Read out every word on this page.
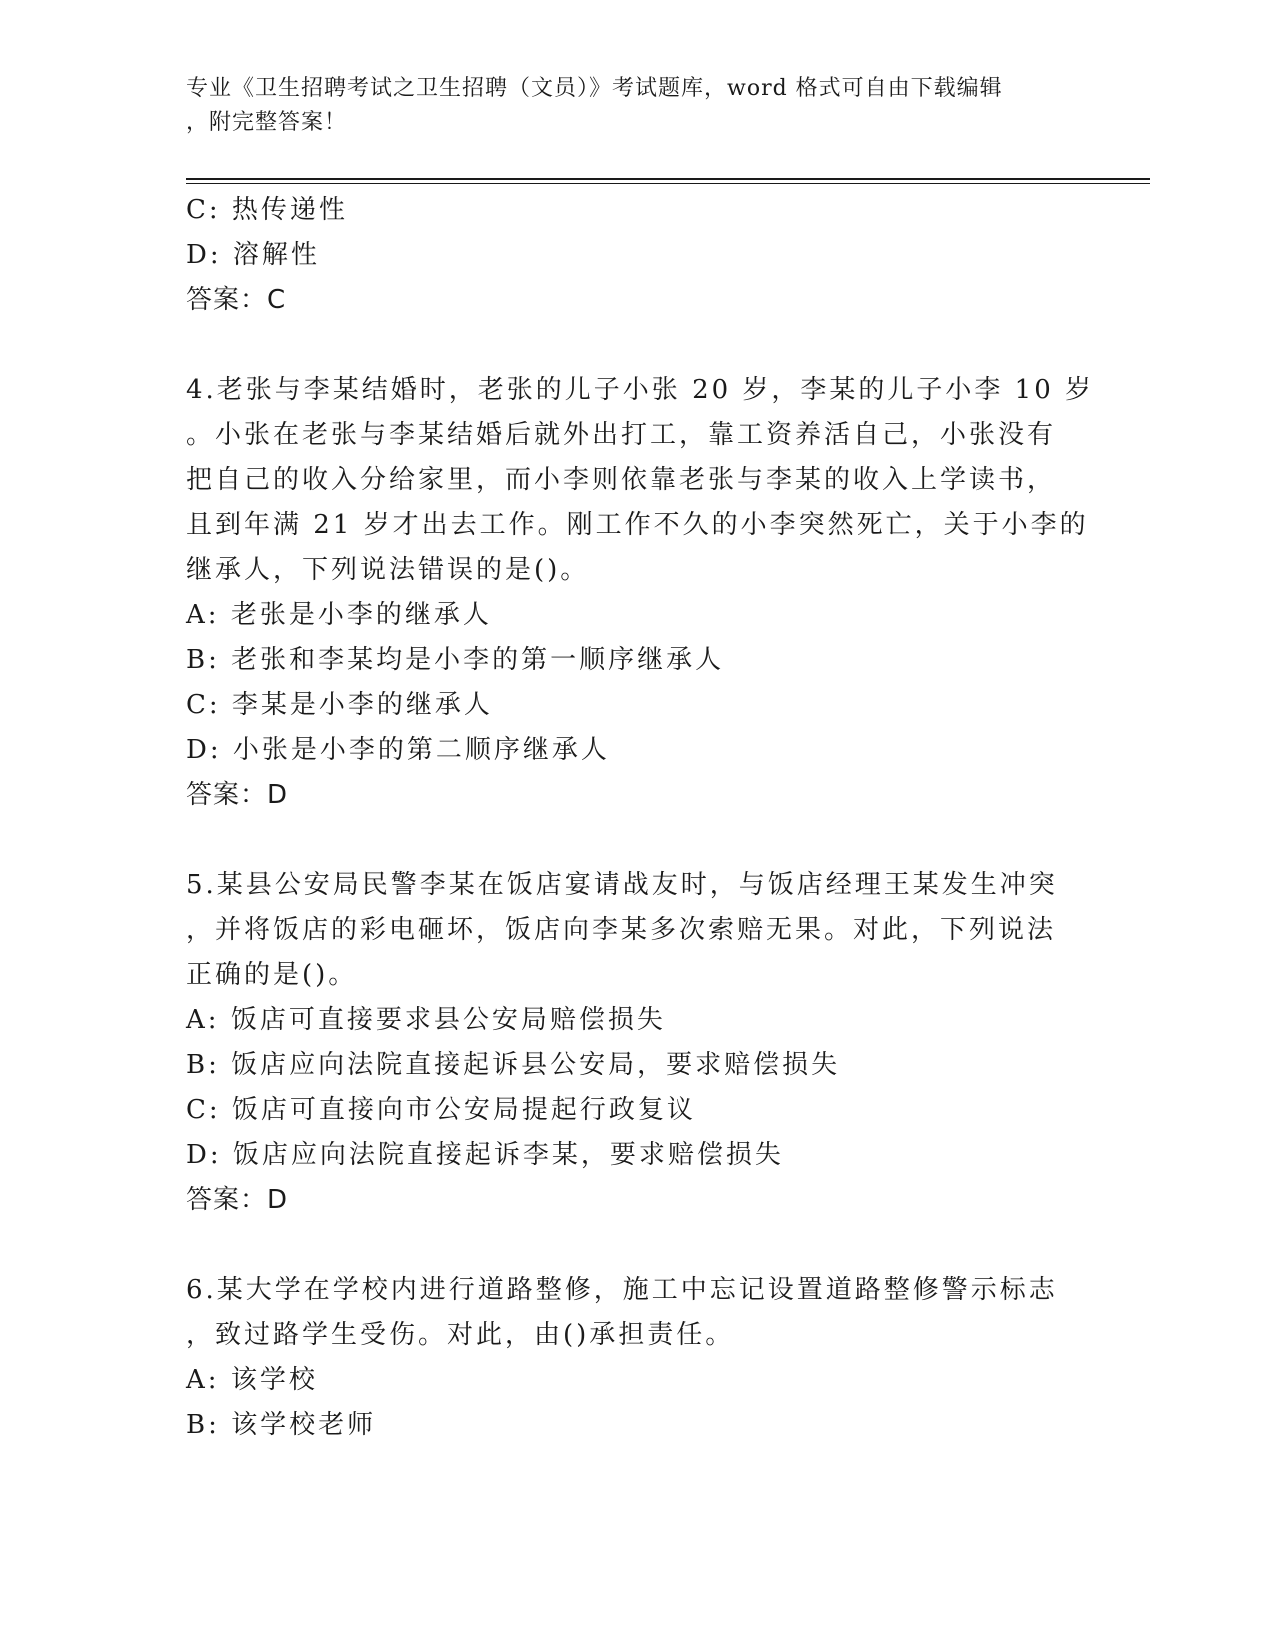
专业《卫生招聘考试之卫生招聘（文员）》考试题库，word 格式可自由下载编辑
，附完整答案！
C: 热传递性
D: 溶解性
答案：C
4.老张与李某结婚时，老张的儿子小张 20 岁，李某的儿子小李 10 岁
。小张在老张与李某结婚后就外出打工，靠工资养活自己，小张没有
把自己的收入分给家里，而小李则依靠老张与李某的收入上学读书，
且到年满 21 岁才出去工作。刚工作不久的小李突然死亡，关于小李的
继承人，下列说法错误的是()。
A: 老张是小李的继承人
B: 老张和李某均是小李的第一顺序继承人
C: 李某是小李的继承人
D: 小张是小李的第二顺序继承人
答案：D
5.某县公安局民警李某在饭店宴请战友时，与饭店经理王某发生冲突
，并将饭店的彩电砸坏，饭店向李某多次索赔无果。对此，下列说法
正确的是()。
A: 饭店可直接要求县公安局赔偿损失
B: 饭店应向法院直接起诉县公安局，要求赔偿损失
C: 饭店可直接向市公安局提起行政复议
D: 饭店应向法院直接起诉李某，要求赔偿损失
答案：D
6.某大学在学校内进行道路整修，施工中忘记设置道路整修警示标志
，致过路学生受伤。对此，由()承担责任。
A: 该学校
B: 该学校老师
